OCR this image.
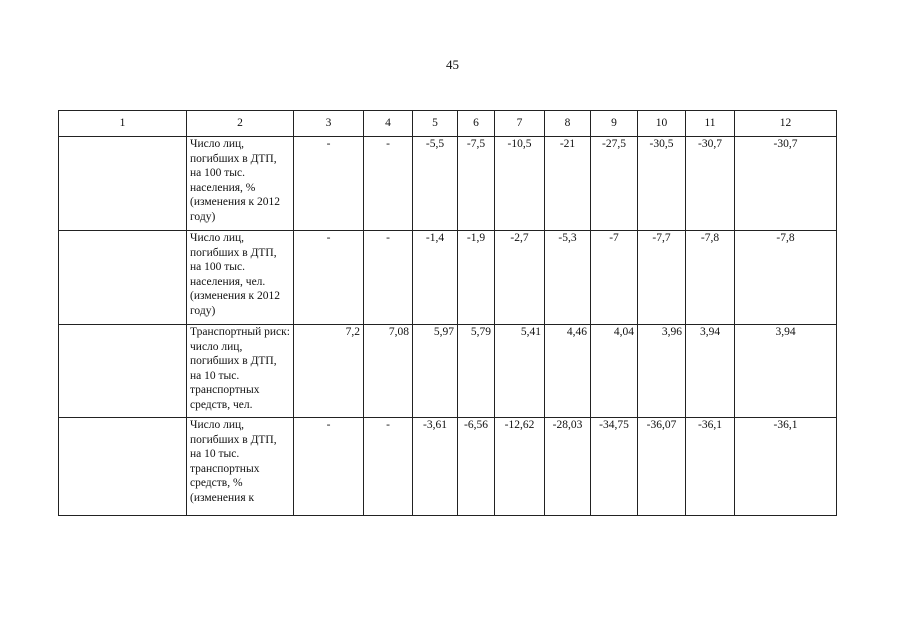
45
1	2	3	4	5	6	7	8	9	10	11	12
	Число лиц, погибших в ДТП, на 100 тыс. населения, % (изменения к 2012 году)	-	-	-5,5	-7,5	-10,5	-21	-27,5	-30,5	-30,7	-30,7
	Число лиц, погибших в ДТП, на 100 тыс. населения, чел. (изменения к 2012 году)	-	-	-1,4	-1,9	-2,7	-5,3	-7	-7,7	-7,8	-7,8
	Транспортный риск: число лиц, погибших в ДТП, на 10 тыс. транспортных средств, чел.	7,2	7,08	5,97	5,79	5,41	4,46	4,04	3,96	3,94	3,94
	Число лиц, погибших в ДТП, на 10 тыс. транспортных средств, % (изменения к	-	-	-3,61	-6,56	-12,62	-28,03	-34,75	-36,07	-36,1	-36,1
